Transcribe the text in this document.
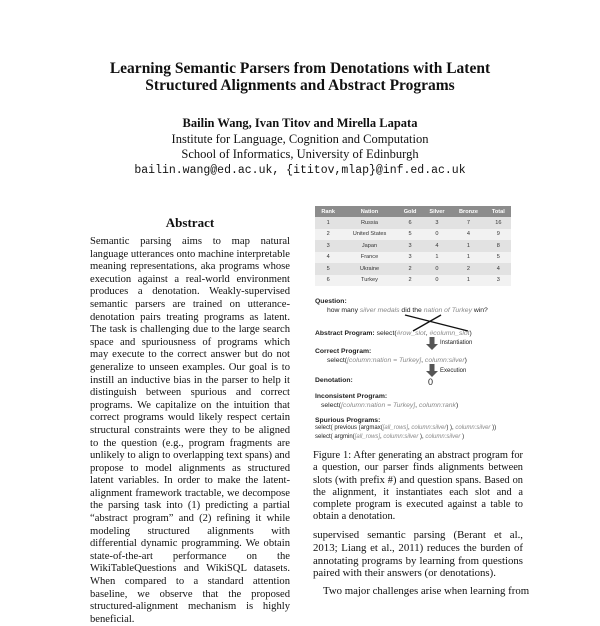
Learning Semantic Parsers from Denotations with Latent
Structured Alignments and Abstract Programs
Bailin Wang, Ivan Titov and Mirella Lapata
Institute for Language, Cognition and Computation
School of Informatics, University of Edinburgh
bailin.wang@ed.ac.uk, {ititov,mlap}@inf.ed.ac.uk
Abstract

Semantic parsing aims to map natural language utterances onto machine interpretable meaning representations, aka programs whose execution against a real-world environment produces a denotation. Weakly-supervised semantic parsers are trained on utterance-denotation pairs treating programs as latent. The task is challenging due to the large search space and spuriousness of programs which may execute to the correct answer but do not generalize to unseen examples. Our goal is to instill an inductive bias in the parser to help it distinguish between spurious and correct programs. We capitalize on the intuition that correct programs would likely respect certain structural constraints were they to be aligned to the question (e.g., program fragments are unlikely to align to overlapping text spans) and propose to model alignments as structured latent variables. In order to make the latent-alignment framework tractable, we decompose the parsing task into (1) predicting a partial “abstract program” and (2) refining it while modeling structured alignments with differential dynamic programming. We obtain state-of-the-art performance on the WikiTableQuestions and WikiSQL datasets. When compared to a standard attention baseline, we observe that the proposed structured-alignment mechanism is highly beneficial.

Rank	Nation	Gold	Silver	Bronze	Total
1	Russia	6	3	7	16
2	United States	5	0	4	9
3	Japan	3	4	1	8
4	France	3	1	1	5
5	Ukraine	2	0	2	4
6	Turkey	2	0	1	3
Question:
how many silver medals did the nation of Turkey win?
Abstract Program: select(#row_slot, #column_slot)
Instantiation
Correct Program:
select([column:nation = Turkey], column:silver)
Execution
Denotation:	0
Inconsistent Program:
select([column:nation = Turkey], column:rank)
Spurious Programs:
select( previous (argmax([all_rows], column:silver) ), column:silver ))
select( argmin([all_rows], column:silver ), column:silver )

Figure 1: After generating an abstract program for a question, our parser finds alignments between slots (with prefix #) and question spans. Based on the alignment, it instantiates each slot and a complete program is executed against a table to obtain a denotation.

supervised semantic parsing (Berant et al., 2013; Liang et al., 2011) reduces the burden of annotating programs by learning from questions paired with their answers (or denotations).

Two major challenges arise when learning from
